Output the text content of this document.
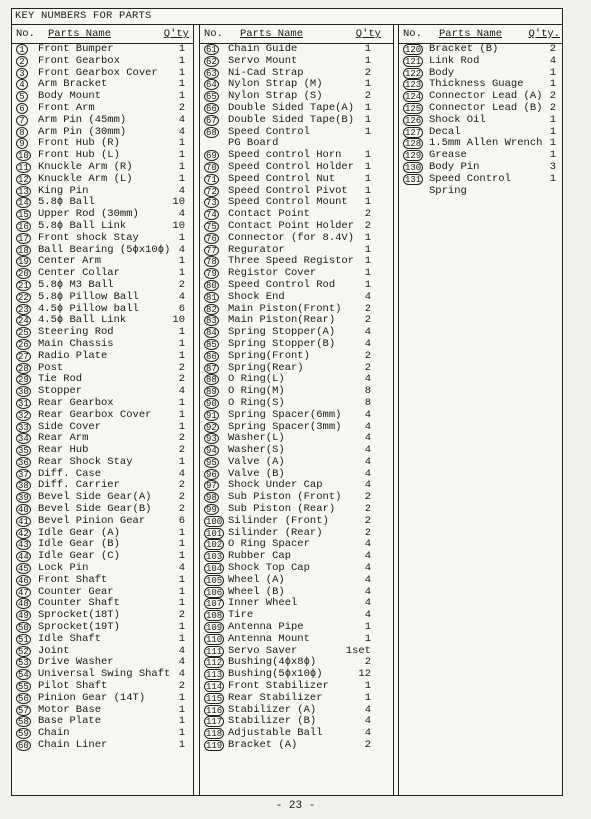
KEY NUMBERS FOR PARTS
No. Parts Name	Q'ty
1	Front Bumper	1
2	Front Gearbox	1
3	Front Gearbox Cover 1
4	Arm Bracket	1
5	Body Mount	1
6	Front Arm	2
7	Arm Pin (45mm)	4
8	Arm Pin (30mm)	4
9	Front Hub (R)	1
10 Front Hub (L)	1
11 Knuckle Arm (R)	1
12 Knuckle Arm (L)	1
13 King Pin	4
14 5.8ϕ Ball	10
15 Upper Rod (30mm)	4
16 5.8ϕ Ball Link	10
17 Front shock Stay	1
18 Ball Bearing (5ϕx10ϕ) 4
19 Center Arm	1
20 Center Collar	1
21 5.8ϕ M3 Ball	2
22 5.8ϕ Pillow Ball	4
23 4.5ϕ Pillow ball	6
24 4.5ϕ Ball Link	10
25 Steering Rod	1
26 Main Chassis	1
27 Radio Plate	1
28 Post	2
29 Tie Rod	2
30 Stopper	4
31 Rear Gearbox	1
32 Rear Gearbox Cover	1
33 Side Cover	1
34 Rear Arm	2
35 Rear Hub	2
36 Rear Shock Stay	1
37 Diff. Case	4
38 Diff. Carrier	2
39 Bevel Side Gear(A)	2
40 Bevel Side Gear(B)	2
41 Bevel Pinion Gear	6
42 Idle Gear (A)	1
43 Idle Gear (B)	1
44 Idle Gear (C)	1
45 Lock Pin	4
46 Front Shaft	1
47 Counter Gear	1
48 Counter Shaft	1
49 Sprocket(18T)	2
50 Sprocket(19T)	1
51 Idle Shaft	1
52 Joint	4
53 Drive Washer	4
54 Universal Swing Shaft 4
55 Pilot Shaft	2
56 Pinion Gear (14T)	1
57 Motor Base	1
58 Base Plate	1
59 Chain	1
60 Chain Liner	1
No. Parts Name	Q'ty
61 Chain Guide	1
62 Servo Mount	1
63 Ni-Cad Strap	2
64 Nylon Strap (M)	1
65 Nylon Strap (S)	2
66 Double Sided Tape(A) 1
67 Double Sided Tape(B) 1
68 Speed Control	1
PG Board
69 Speed control Horn 1
70 Speed Control Holder 1
71 Speed Control Nut	1
72 Speed Control Pivot 1
73 Speed Control Mount 1
74 Contact Point	2
75 Contact Point Holder 2
76 Connector (for 8.4V) 1
77 Regurator	1
78 Three Speed Registor 1
79 Registor Cover	1
80 Speed Control Rod	1
81 Shock End	4
82 Main Piston(Front) 2
83 Main Piston(Rear)	2
84 Spring Stopper(A)	4
85 Spring Stopper(B)	4
86 Spring(Front)	2
87 Spring(Rear)	2
88 O Ring(L)	4
89 O Ring(M)	8
90 O Ring(S)	8
91 Spring Spacer(6mm) 4
92 Spring Spacer(3mm) 4
93 Washer(L)	4
94 Washer(S)	4
95 Valve (A)	4
96 Valve (B)	4
97 Shock Under Cap	4
98 Sub Piston (Front) 2
99 Sub Piston (Rear)	2
100 Silinder (Front)	2
101 Silinder (Rear)	2
102 O Ring Spacer	4
103 Rubber Cap	4
104 Shock Top Cap	4
105 Wheel (A)	4
106 Wheel (B)	4
107 Inner Wheel	4
108 Tire	4
109 Antenna Pipe	1
110 Antenna Mount	1
111 Servo Saver	1set
112 Bushing(4ϕx8ϕ)	2
113 Bushing(5ϕx10ϕ)	12
114 Front Stabilizer	1
115 Rear Stabilizer	1
116 Stabilizer (A)	4
117 Stabilizer (B)	4
118 Adjustable Ball	4
119 Bracket (A)	2
No. Parts Name	Q'ty.
120 Bracket (B)	2
121 Link Rod	4
122 Body	1
123 Thickness Guage 1
124 Connector Lead (A) 2
125 Connector Lead (B) 2
126 Shock Oil	1
127 Decal	1
128 1.5mm Allen Wrench 1
129 Grease	1
130 Body Pin	3
131 Speed Control	1
Spring
- 23 -
